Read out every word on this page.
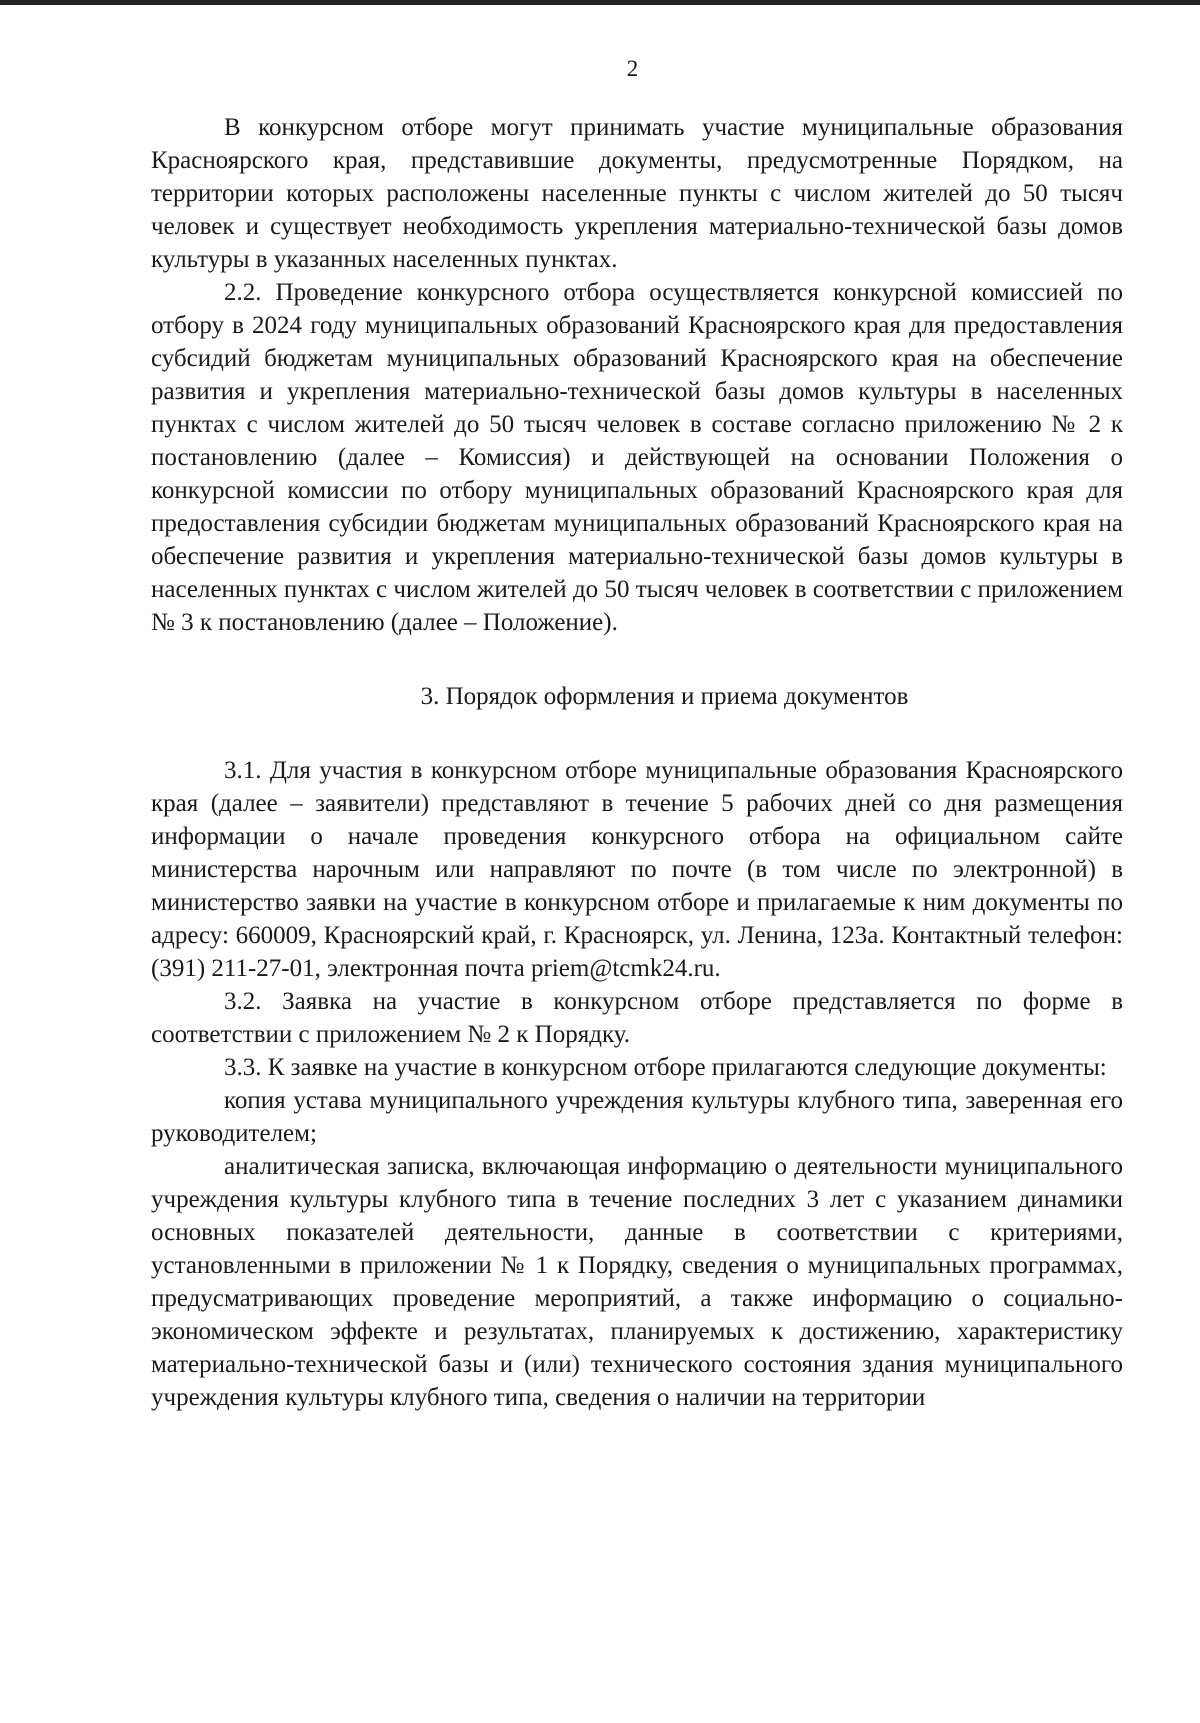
2

В конкурсном отборе могут принимать участие муниципальные образования Красноярского края, представившие документы, предусмотренные Порядком, на территории которых расположены населенные пункты с числом жителей до 50 тысяч человек и существует необходимость укрепления материально-технической базы домов культуры в указанных населенных пунктах.

2.2. Проведение конкурсного отбора осуществляется конкурсной комиссией по отбору в 2024 году муниципальных образований Красноярского края для предоставления субсидий бюджетам муниципальных образований Красноярского края на обеспечение развития и укрепления материально-технической базы домов культуры в населенных пунктах с числом жителей до 50 тысяч человек в составе согласно приложению № 2 к постановлению (далее – Комиссия) и действующей на основании Положения о конкурсной комиссии по отбору муниципальных образований Красноярского края для предоставления субсидии бюджетам муниципальных образований Красноярского края на обеспечение развития и укрепления материально-технической базы домов культуры в населенных пунктах с числом жителей до 50 тысяч человек в соответствии с приложением № 3 к постановлению (далее – Положение).

3. Порядок оформления и приема документов

3.1. Для участия в конкурсном отборе муниципальные образования Красноярского края (далее – заявители) представляют в течение 5 рабочих дней со дня размещения информации о начале проведения конкурсного отбора на официальном сайте министерства нарочным или направляют по почте (в том числе по электронной) в министерство заявки на участие в конкурсном отборе и прилагаемые к ним документы по адресу: 660009, Красноярский край, г. Красноярск, ул. Ленина, 123а. Контактный телефон: (391) 211-27-01, электронная почта priem@tcmk24.ru.

3.2. Заявка на участие в конкурсном отборе представляется по форме в соответствии с приложением № 2 к Порядку.

3.3. К заявке на участие в конкурсном отборе прилагаются следующие документы:

копия устава муниципального учреждения культуры клубного типа, заверенная его руководителем;

аналитическая записка, включающая информацию о деятельности муниципального учреждения культуры клубного типа в течение последних 3 лет с указанием динамики основных показателей деятельности, данные в соответствии с критериями, установленными в приложении № 1 к Порядку, сведения о муниципальных программах, предусматривающих проведение мероприятий, а также информацию о социально-экономическом эффекте и результатах, планируемых к достижению, характеристику материально-технической базы и (или) технического состояния здания муниципального учреждения культуры клубного типа, сведения о наличии на территории
